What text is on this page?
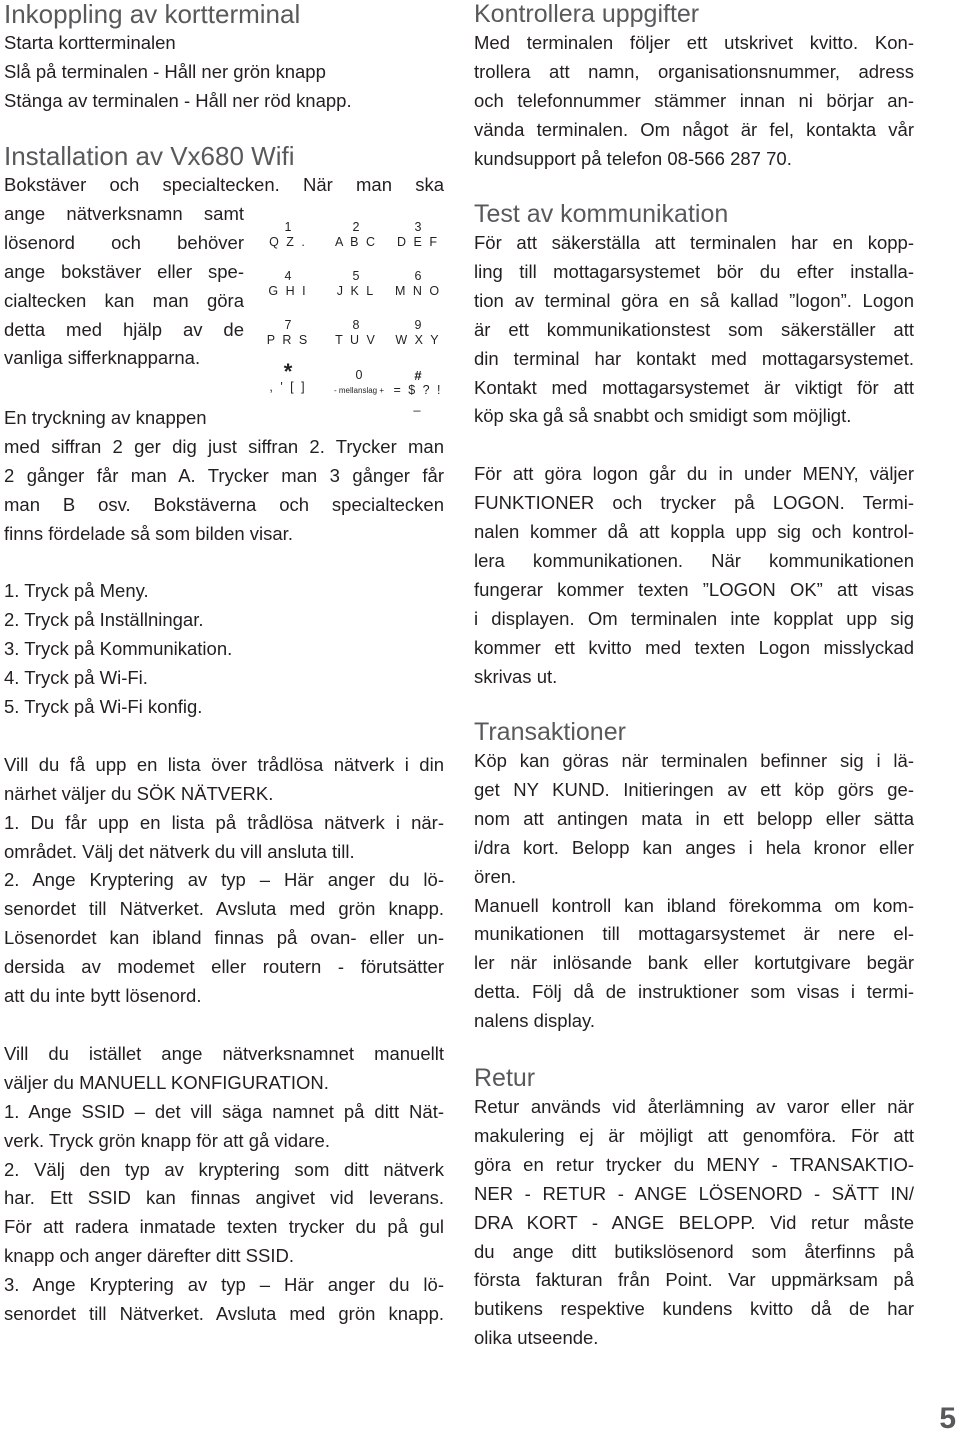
Inkoppling av kortterminal

Starta kortterminalen

Slå på terminalen - Håll ner grön knapp

Stänga av terminalen - Håll ner röd knapp.

Installation av Vx680 Wifi

Bokstäver och specialtecken. När man ska

ange nätverksnamn samt

lösenord och behöver

ange bokstäver eller spe-

cialtecken kan man göra

detta med hjälp av de

vanliga sifferknapparna.

En tryckning av knappen

med siffran 2 ger dig just siffran 2. Trycker man

2 gånger får man A. Trycker man 3 gånger får

man B osv. Bokstäverna och specialtecken

finns fördelade så som bilden visar.

1. Tryck på Meny.

2. Tryck på Inställningar.

3. Tryck på Kommunikation.

4. Tryck på Wi-Fi.

5. Tryck på Wi-Fi konfig.

Vill du få upp en lista över trådlösa nätverk i din

närhet väljer du SÖK NÄTVERK.

1. Du får upp en lista på trådlösa nätverk i när-

området. Välj det nätverk du vill ansluta till.

2. Ange Kryptering av typ – Här anger du lö-

senordet till Nätverket. Avsluta med grön knapp.

Lösenordet kan ibland finnas på ovan- eller un-

dersida av modemet eller routern - förutsätter

att du inte bytt lösenord.

Vill du istället ange nätverksnamnet manuellt

väljer du MANUELL KONFIGURATION.

1. Ange SSID – det vill säga namnet på ditt Nät-

verk. Tryck grön knapp för att gå vidare.

2. Välj den typ av kryptering som ditt nätverk

har. Ett SSID kan finnas angivet vid leverans.

För att radera inmatade texten trycker du på gul

knapp och anger därefter ditt SSID.

3. Ange Kryptering av typ – Här anger du lö-

senordet till Nätverket. Avsluta med grön knapp.

1
Q Z .
2
A B C
3
D E F
4
G H I
5
J K L
6
M N O
7
P R S
8
T U V
9
W X Y
*
, ' [ ]
0
- mellanslag +
#
= $ ? ! _
Kontrollera uppgifter

Med terminalen följer ett utskrivet kvitto. Kon-

trollera att namn, organisationsnummer, adress

och telefonnummer stämmer innan ni börjar an-

vända terminalen. Om något är fel, kontakta vår

kundsupport på telefon 08-566 287 70.

Test av kommunikation

För att säkerställa att terminalen har en kopp-

ling till mottagarsystemet bör du efter installa-

tion av terminal göra en så kallad ”logon”. Logon

är ett kommunikationstest som säkerställer att

din terminal har kontakt med mottagarsystemet.

Kontakt med mottagarsystemet är viktigt för att

köp ska gå så snabbt och smidigt som möjligt.

För att göra logon går du in under MENY, väljer

FUNKTIONER och trycker på LOGON. Termi-

nalen kommer då att koppla upp sig och kontrol-

lera kommunikationen. När kommunikationen

fungerar kommer texten ”LOGON OK” att visas

i displayen. Om terminalen inte kopplat upp sig

kommer ett kvitto med texten Logon misslyckad

skrivas ut.

Transaktioner

Köp kan göras när terminalen befinner sig i lä-

get NY KUND. Initieringen av ett köp görs ge-

nom att antingen mata in ett belopp eller sätta

i/dra kort. Belopp kan anges i hela kronor eller

ören.

Manuell kontroll kan ibland förekomma om kom-

munikationen till mottagarsystemet är nere el-

ler när inlösande bank eller kortutgivare begär

detta. Följ då de instruktioner som visas i termi-

nalens display.

Retur

Retur används vid återlämning av varor eller när

makulering ej är möjligt att genomföra. För att

göra en retur trycker du MENY - TRANSAKTIO-

NER - RETUR - ANGE LÖSENORD - SÄTT IN/

DRA KORT - ANGE BELOPP. Vid retur måste

du ange ditt butikslösenord som återfinns på

första fakturan från Point. Var uppmärksam på

butikens respektive kundens kvitto då de har

olika utseende.

5
